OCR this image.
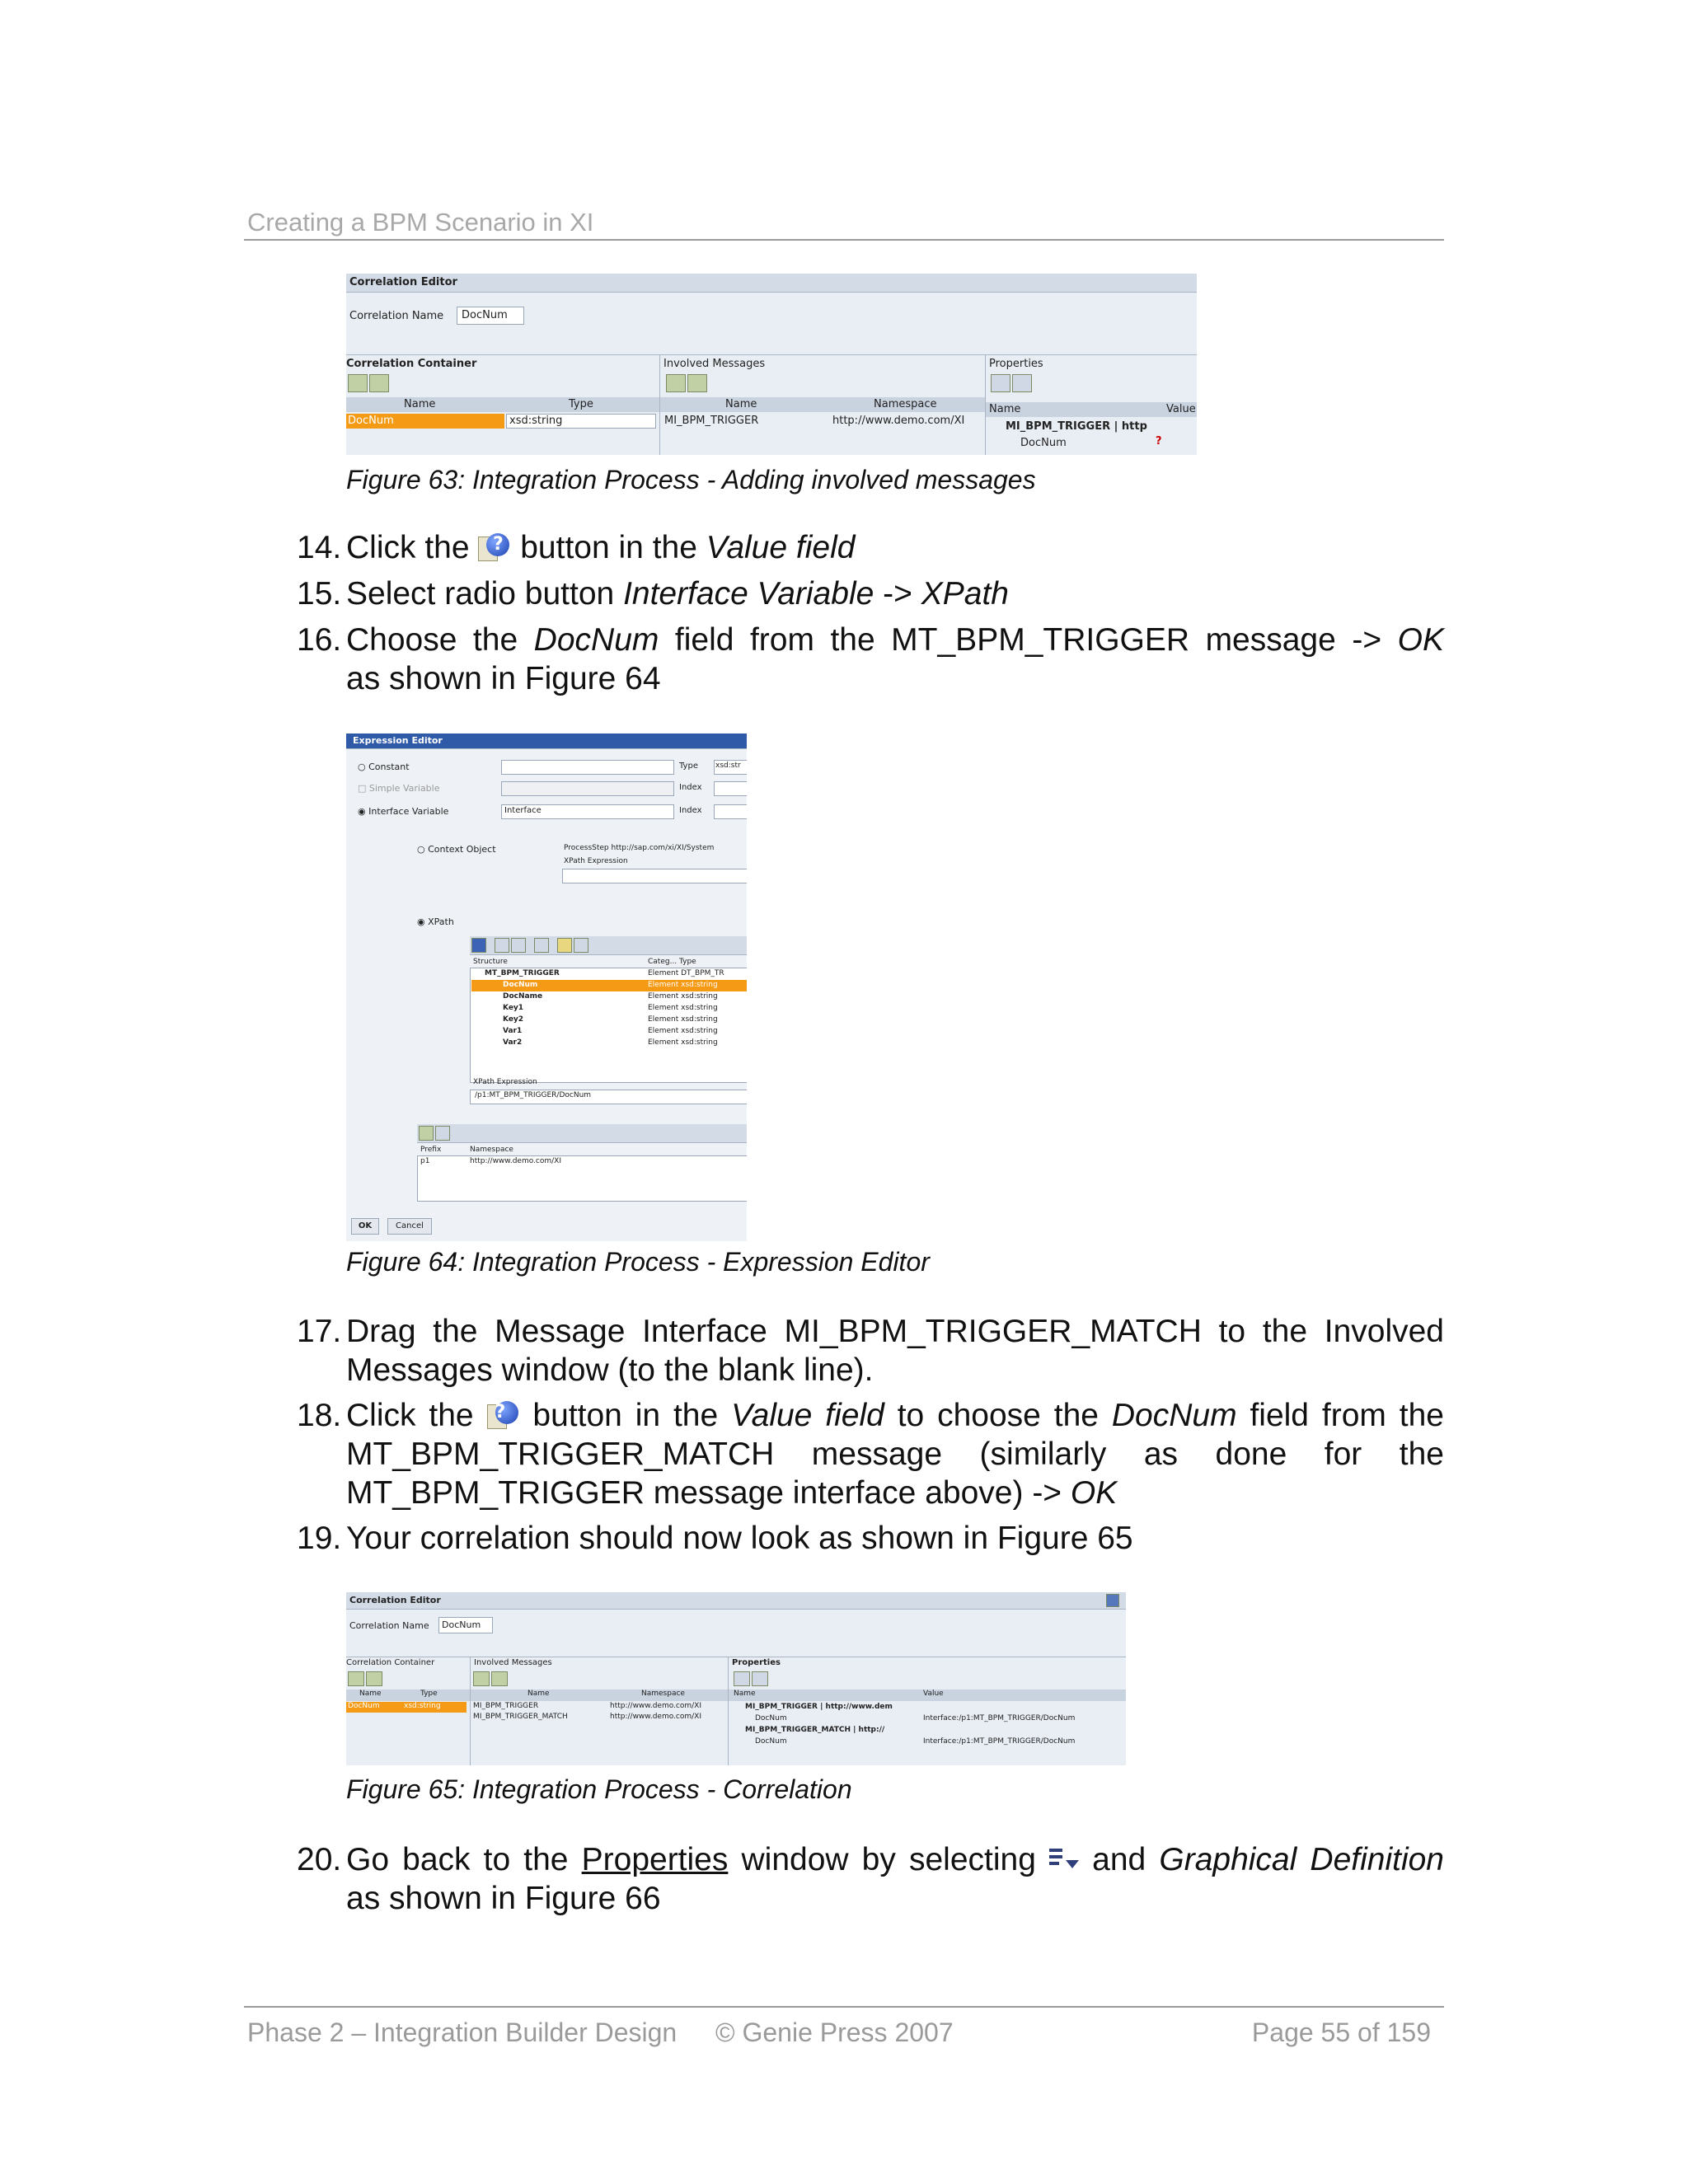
Creating a BPM Scenario in XI
Correlation Editor
Correlation Name DocNum
Correlation Container	Involved Messages	Properties
Name	Type
DocNum	xsd:string
Name	Namespace
MI_BPM_TRIGGER	http://www.demo.com/XI
Name	Value
MI_BPM_TRIGGER | http
DocNum	?
Figure 63: Integration Process - Adding involved messages
14. Click the	? button in the Value field
15. Select radio button Interface Variable -> XPath
16. Choose the DocNum field from the MT_BPM_TRIGGER message -> OK
as shown in Figure 64
Expression Editor
○ Constant	Type xsd:str
□ Simple Variable	Index
◉ Interface Variable	Interface	Index
○ Context Object	ProcessStep http://sap.com/xi/XI/System
XPath Expression
◉ XPath
Structure	Categ... Type
MT_BPM_TRIGGER	Element DT_BPM_TR
DocNum	Element xsd:string
DocName	Element xsd:string
Key1	Element xsd:string
Key2	Element xsd:string
Var1	Element xsd:string
Var2	Element xsd:string
XPath Expression
/p1:MT_BPM_TRIGGER/DocNum
Prefix	Namespace
p1	http://www.demo.com/XI
OK	Cancel
Figure 64: Integration Process - Expression Editor
17. Drag the Message Interface MI_BPM_TRIGGER_MATCH to the Involved
Messages window (to the blank line).
18. Click the ? button in the Value field to choose the DocNum field from the
MT_BPM_TRIGGER_MATCH message (similarly as done for the
MT_BPM_TRIGGER message interface above) -> OK
19. Your correlation should now look as shown in Figure 65
Correlation Editor
Correlation Name DocNum
Correlation Container	Involved Messages	Properties
Name	Type
DocNum	xsd:string
Name	Namespace
MI_BPM_TRIGGER	http://www.demo.com/XI
MI_BPM_TRIGGER_MATCH	http://www.demo.com/XI
Name	Value
MI_BPM_TRIGGER | http://www.dem
DocNum	Interface:/p1:MT_BPM_TRIGGER/DocNum
MI_BPM_TRIGGER_MATCH | http://
DocNum	Interface:/p1:MT_BPM_TRIGGER/DocNum
Figure 65: Integration Process - Correlation
20. Go back to the Properties window by selecting and Graphical Definition
as shown in Figure 66
Phase 2 – Integration Builder Design © Genie Press 2007	Page 55 of 159
